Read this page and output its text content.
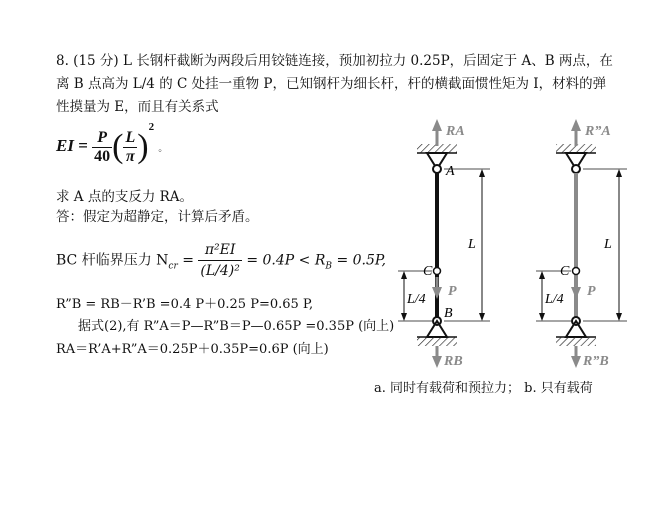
8. (15 分) L 长钢杆截断为两段后用铰链连接，预加初拉力 0.25P，后固定于 A、B 两点，在
离 B 点高为 L/4 的 C 处挂一重物 P，已知钢杆为细长杆，杆的横截面惯性矩为 I，材料的弹
性摸量为 E，而且有关系式
EI = $\frac{P}{40}$ ( $\frac{L}{\pi} )^2$ 。
求 A 点的支反力 RA。
答：假定为超静定，计算后矛盾。
BC 杆临界压力 $N_{cr} = \frac{\text{π²EI}}{\text{(L/4)²}} = 0.4P < R_B = 0.5P$,
R”B = RB－R’B =0.4 P＋0.25 P=0.65 P,
据式(2),有 R”A＝P—R”B＝P—0.65P =0.35P (向上)
RA＝R’A+R”A＝0.25P＋0.35P=0.6P (向上)
RA
A
C
P
B
RB
L
L/4
R”A
C
P
R”B
L
L/4
a. 同时有载荷和预拉力； b. 只有载荷
